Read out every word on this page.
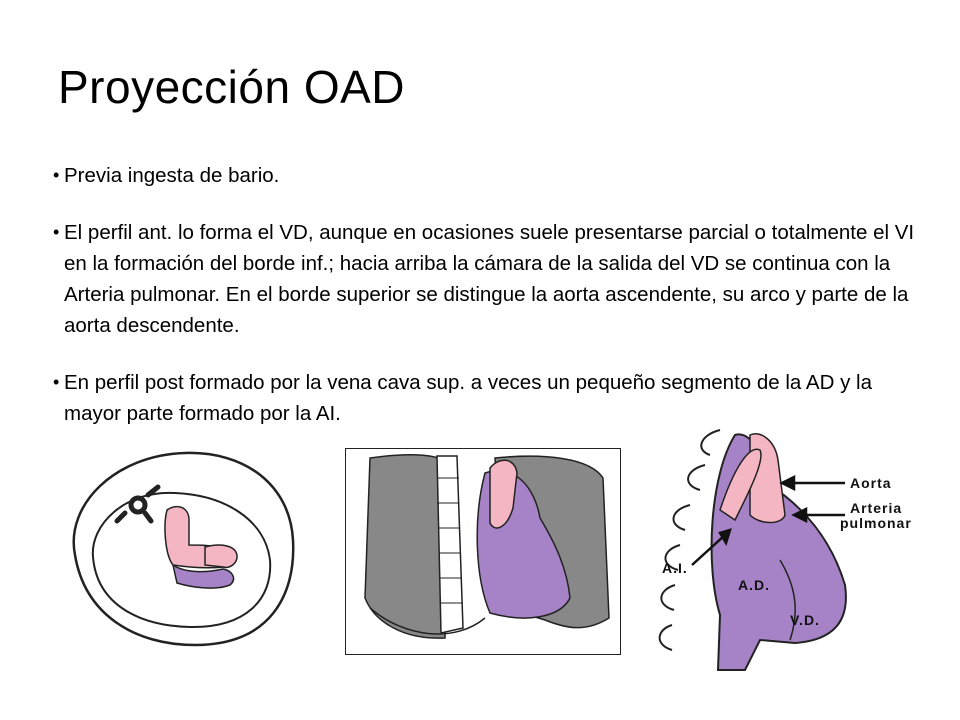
Proyección OAD
• Previa ingesta de bario.
• El perfil ant. lo forma el VD, aunque en ocasiones suele presentarse parcial o totalmente el VI en la formación del borde inf.; hacia arriba la cámara de la salida del VD se continua con la Arteria pulmonar. En el borde superior se distingue la aorta ascendente, su arco y parte de la aorta descendente.
• En perfil post formado por la vena cava sup. a veces un pequeño segmento de la AD y la mayor parte formado por la AI.
Aorta
Arteria
pulmonar
A.I.
A.D.
V.D.
